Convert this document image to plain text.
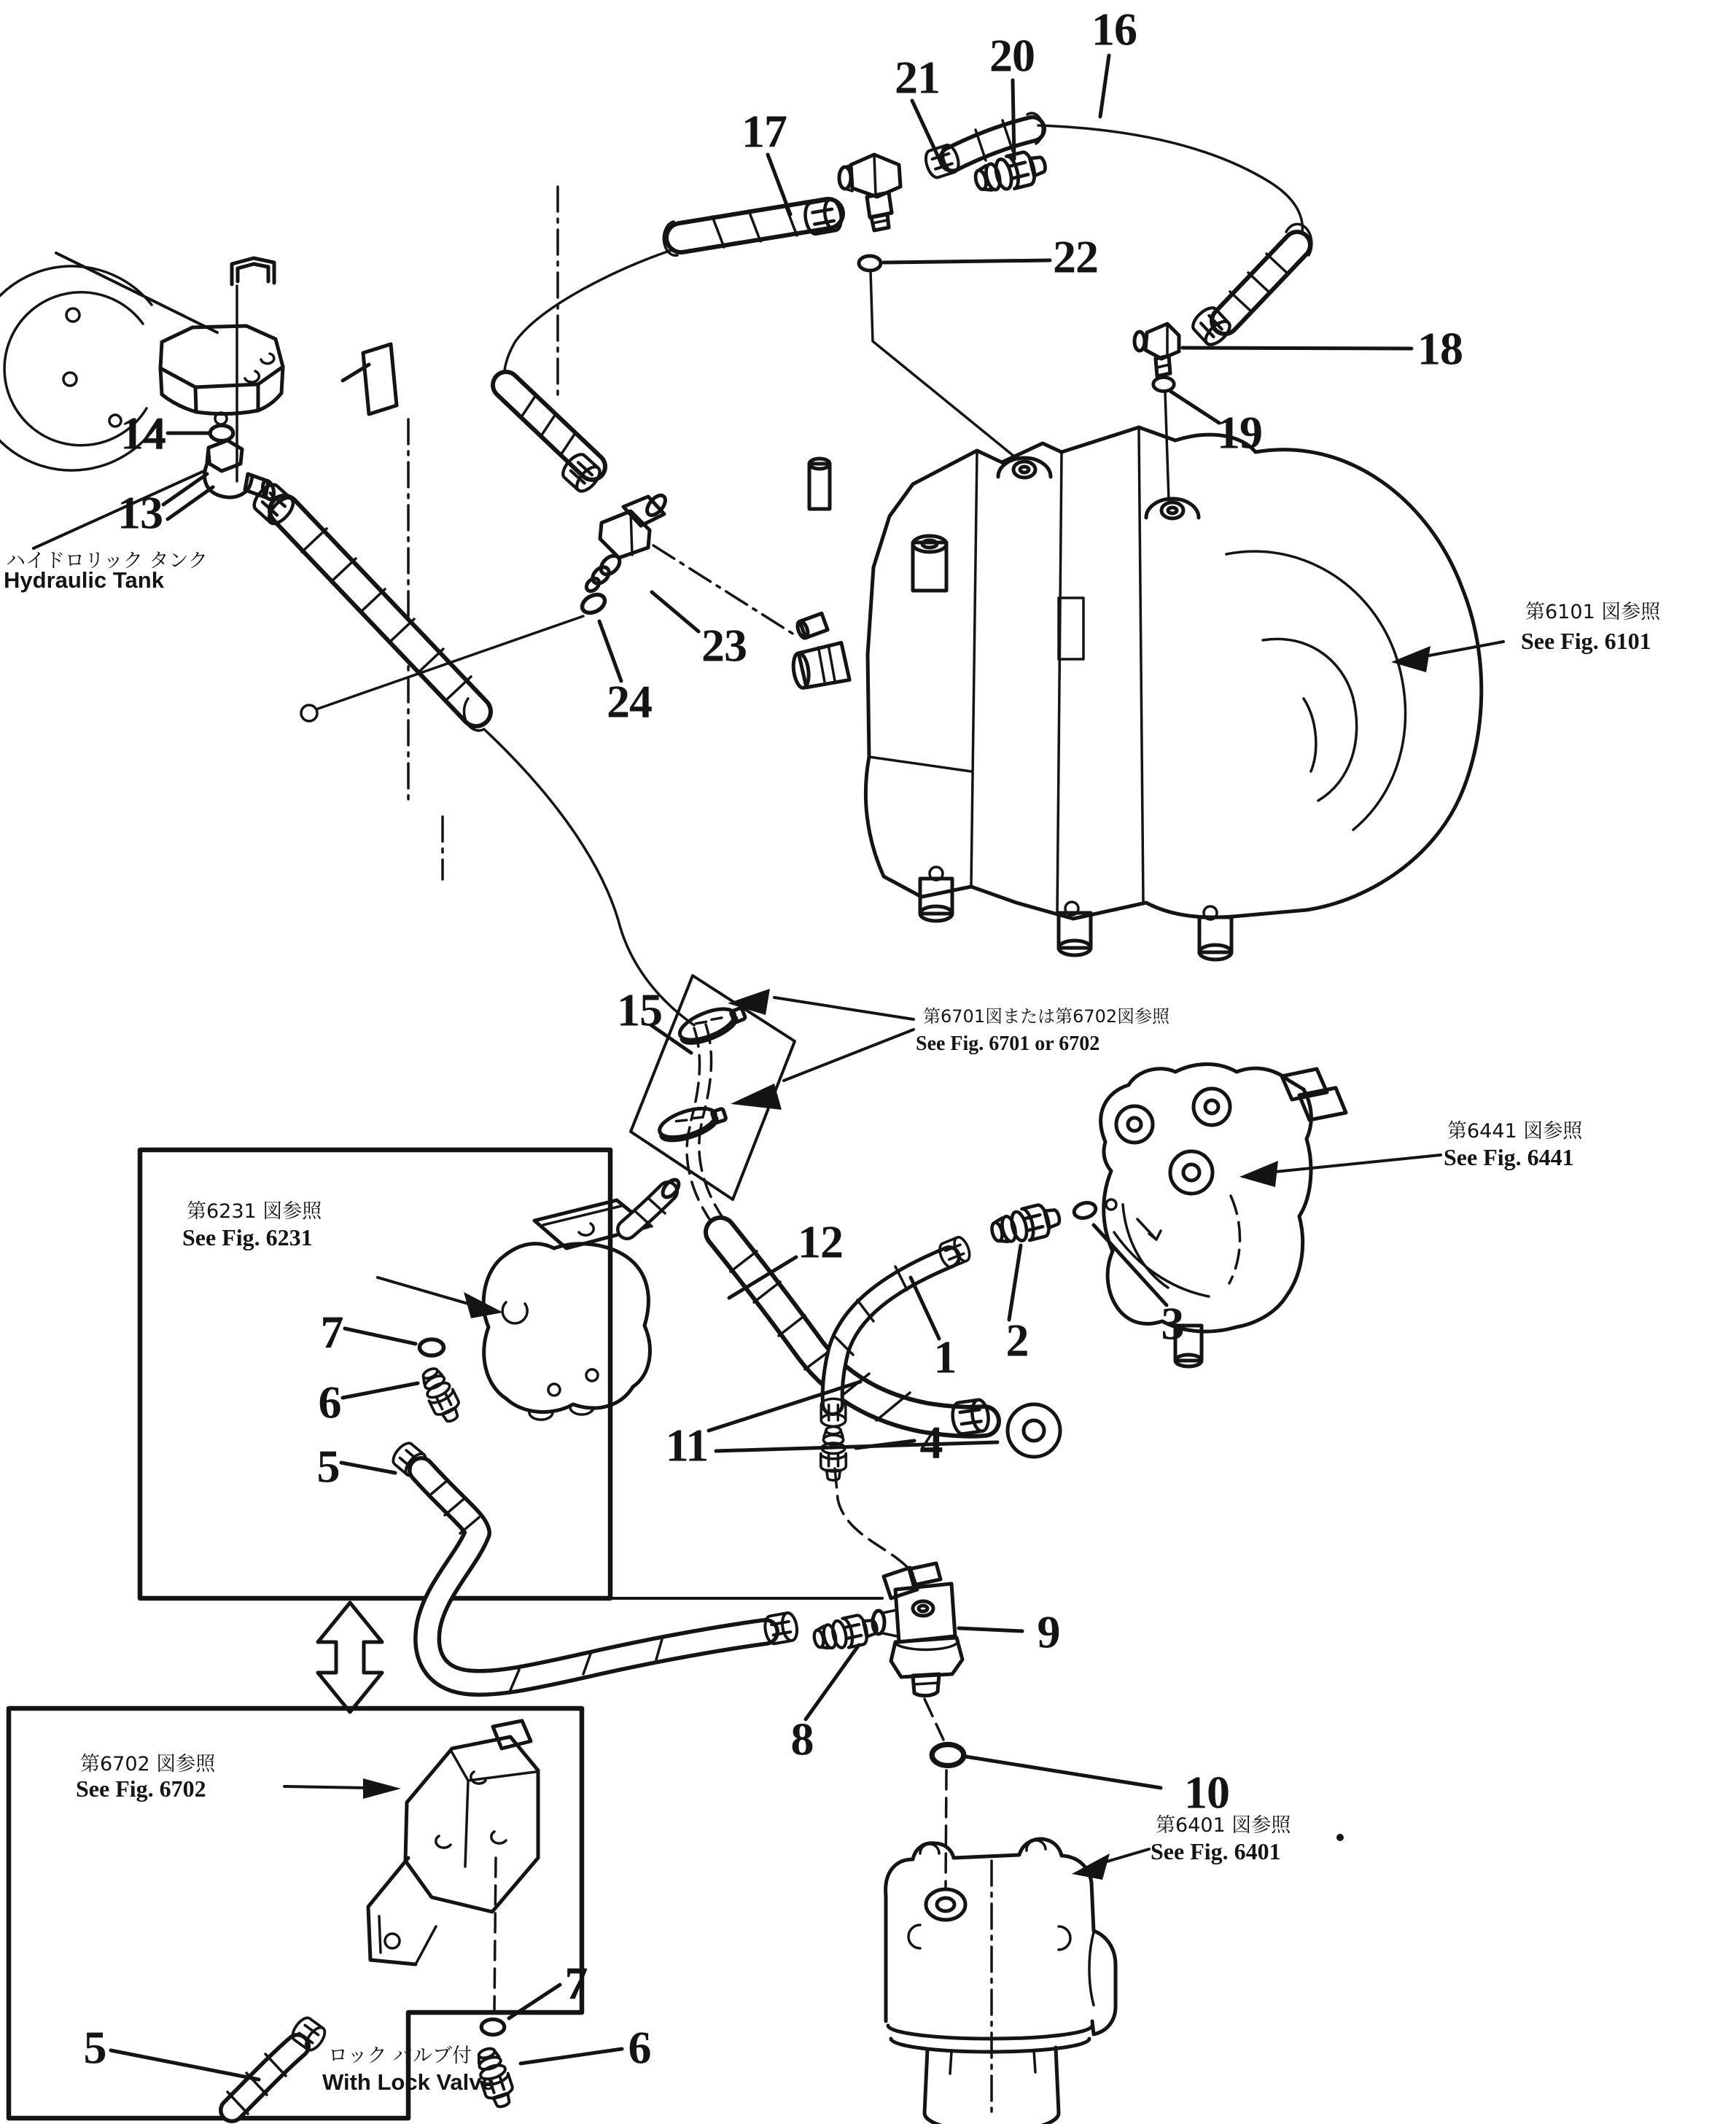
ハイドロリック タンク
Hydraulic Tank
第6231 図参照
See Fig. 6231
第6702 図参照
See Fig. 6702
ロック バルブ付
With Lock Valve
第6101 図参照
See Fig. 6101
第6441 図参照
See Fig. 6441
第6701図または第6702図参照
See Fig. 6701 or 6702
第6401 図参照
See Fig. 6401
16
20
21
17
22
18
19
14
13
23
24
15
12
1 2	3
11	4
7
6
5
9
8
10
7
6
5
